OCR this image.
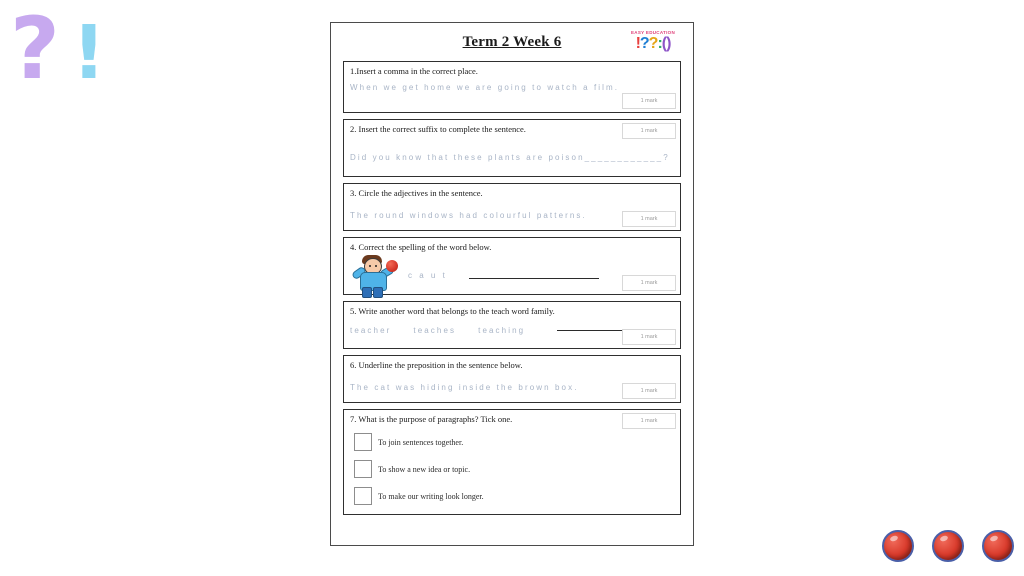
? !	Term 2 Week 6
EASY EDUCATION
!??:()
1.Insert a comma in the correct place.
When we get home we are going to watch a film.
1 mark
2. Insert the correct suffix to complete the sentence.
Did you know that these plants are poison____________?
1 mark
3. Circle the adjectives in the sentence.
The round windows had colourful patterns.	1 mark
4. Correct the spelling of the word below.
c a u t
1 mark
5. Write another word that belongs to the teach word family.
teacher	teaches	teaching
1 mark
6. Underline the preposition in the sentence below.
The cat was hiding inside the brown box.	1 mark
7. What is the purpose of paragraphs? Tick one.	1 mark
To join sentences together.
To show a new idea or topic.
To make our writing look longer.
